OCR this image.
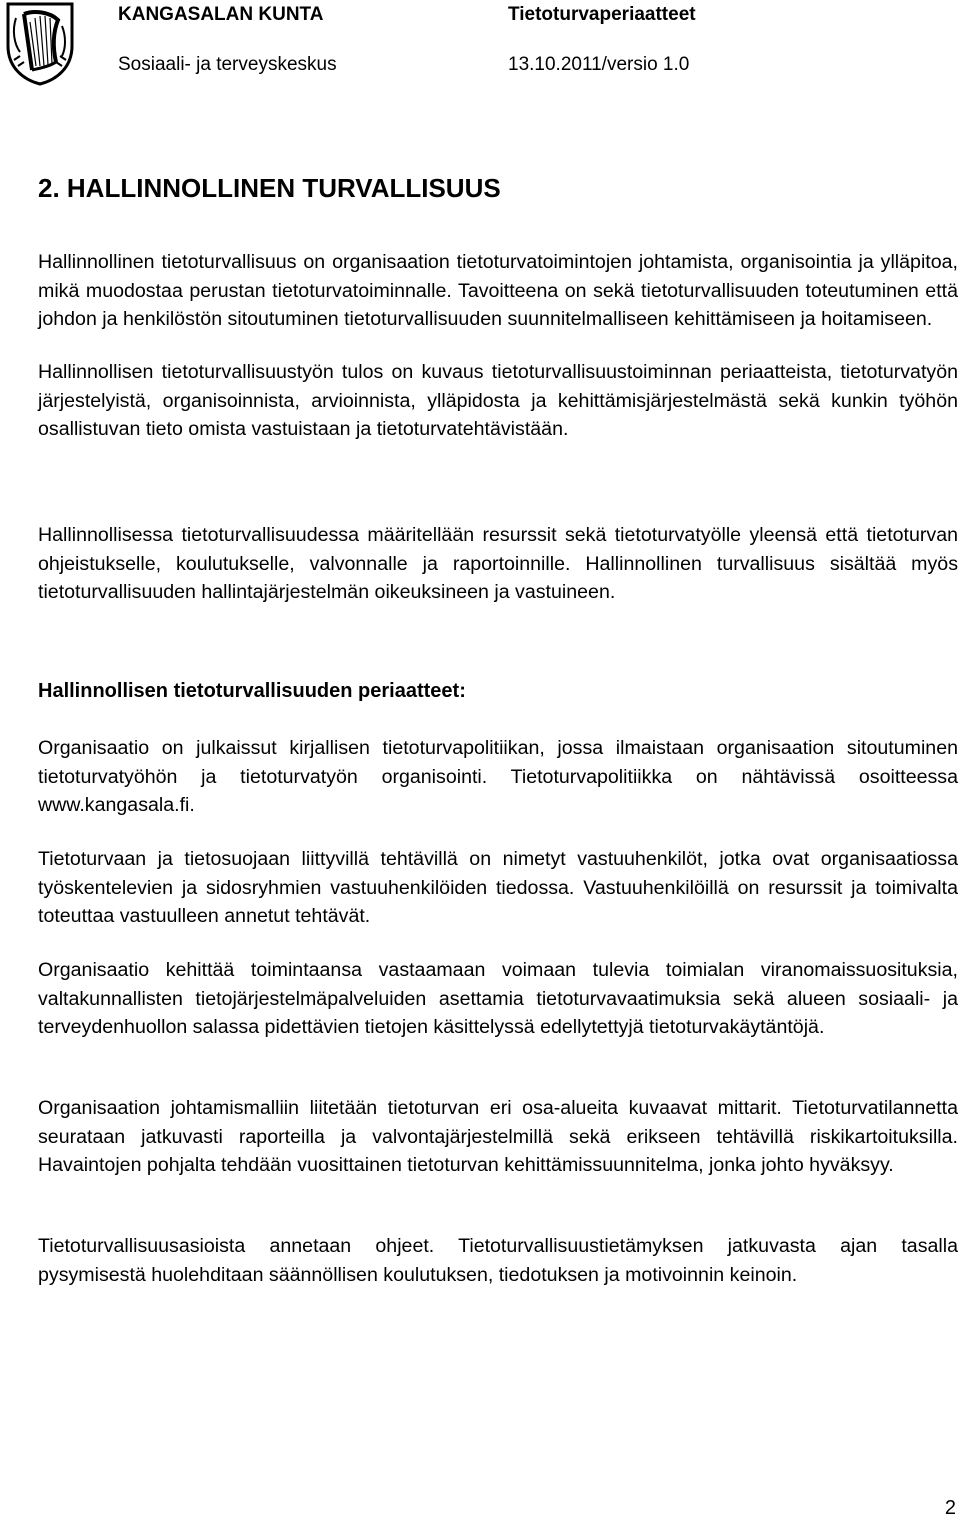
KANGASALAN KUNTA
Sosiaali- ja terveyskeskus
Tietoturvaperiaatteet
13.10.2011/versio 1.0
2. HALLINNOLLINEN TURVALLISUUS

Hallinnollinen tietoturvallisuus on organisaation tietoturvatoimintojen johtamista, organisointia ja ylläpitoa, mikä muodostaa perustan tietoturvatoiminnalle. Tavoitteena on sekä tietoturvallisuuden toteutuminen että johdon ja henkilöstön sitoutuminen tietoturvallisuuden suunnitelmalliseen kehittämiseen ja hoitamiseen.

Hallinnollisen tietoturvallisuustyön tulos on kuvaus tietoturvallisuustoiminnan periaatteista, tietoturvatyön järjestelyistä, organisoinnista, arvioinnista, ylläpidosta ja kehittämisjärjestelmästä sekä kunkin työhön osallistuvan tieto omista vastuistaan ja tietoturvatehtävistään.

Hallinnollisessa tietoturvallisuudessa määritellään resurssit sekä tietoturvatyölle yleensä että tietoturvan ohjeistukselle, koulutukselle, valvonnalle ja raportoinnille. Hallinnollinen turvallisuus sisältää myös tietoturvallisuuden hallintajärjestelmän oikeuksineen ja vastuineen.

Hallinnollisen tietoturvallisuuden periaatteet:

Organisaatio on julkaissut kirjallisen tietoturvapolitiikan, jossa ilmaistaan organisaation sitoutuminen tietoturvatyöhön ja tietoturvatyön organisointi. Tietoturvapolitiikka on nähtävissä osoitteessa www.kangasala.fi.

Tietoturvaan ja tietosuojaan liittyvillä tehtävillä on nimetyt vastuuhenkilöt, jotka ovat organisaatiossa työskentelevien ja sidosryhmien vastuuhenkilöiden tiedossa. Vastuuhenkilöillä on resurssit ja toimivalta toteuttaa vastuulleen annetut tehtävät.

Organisaatio kehittää toimintaansa vastaamaan voimaan tulevia toimialan viranomaissuosituksia, valtakunnallisten tietojärjestelmäpalveluiden asettamia tietoturvavaatimuksia sekä alueen sosiaali- ja terveydenhuollon salassa pidettävien tietojen käsittelyssä edellytettyjä tietoturvakäytäntöjä.

Organisaation johtamismalliin liitetään tietoturvan eri osa-alueita kuvaavat mittarit. Tietoturvatilannetta seurataan jatkuvasti raporteilla ja valvontajärjestelmillä sekä erikseen tehtävillä riskikartoituksilla. Havaintojen pohjalta tehdään vuosittainen tietoturvan kehittämissuunnitelma, jonka johto hyväksyy.

Tietoturvallisuusasioista annetaan ohjeet. Tietoturvallisuustietämyksen jatkuvasta ajan tasalla pysymisestä huolehditaan säännöllisen koulutuksen, tiedotuksen ja motivoinnin keinoin.

2
